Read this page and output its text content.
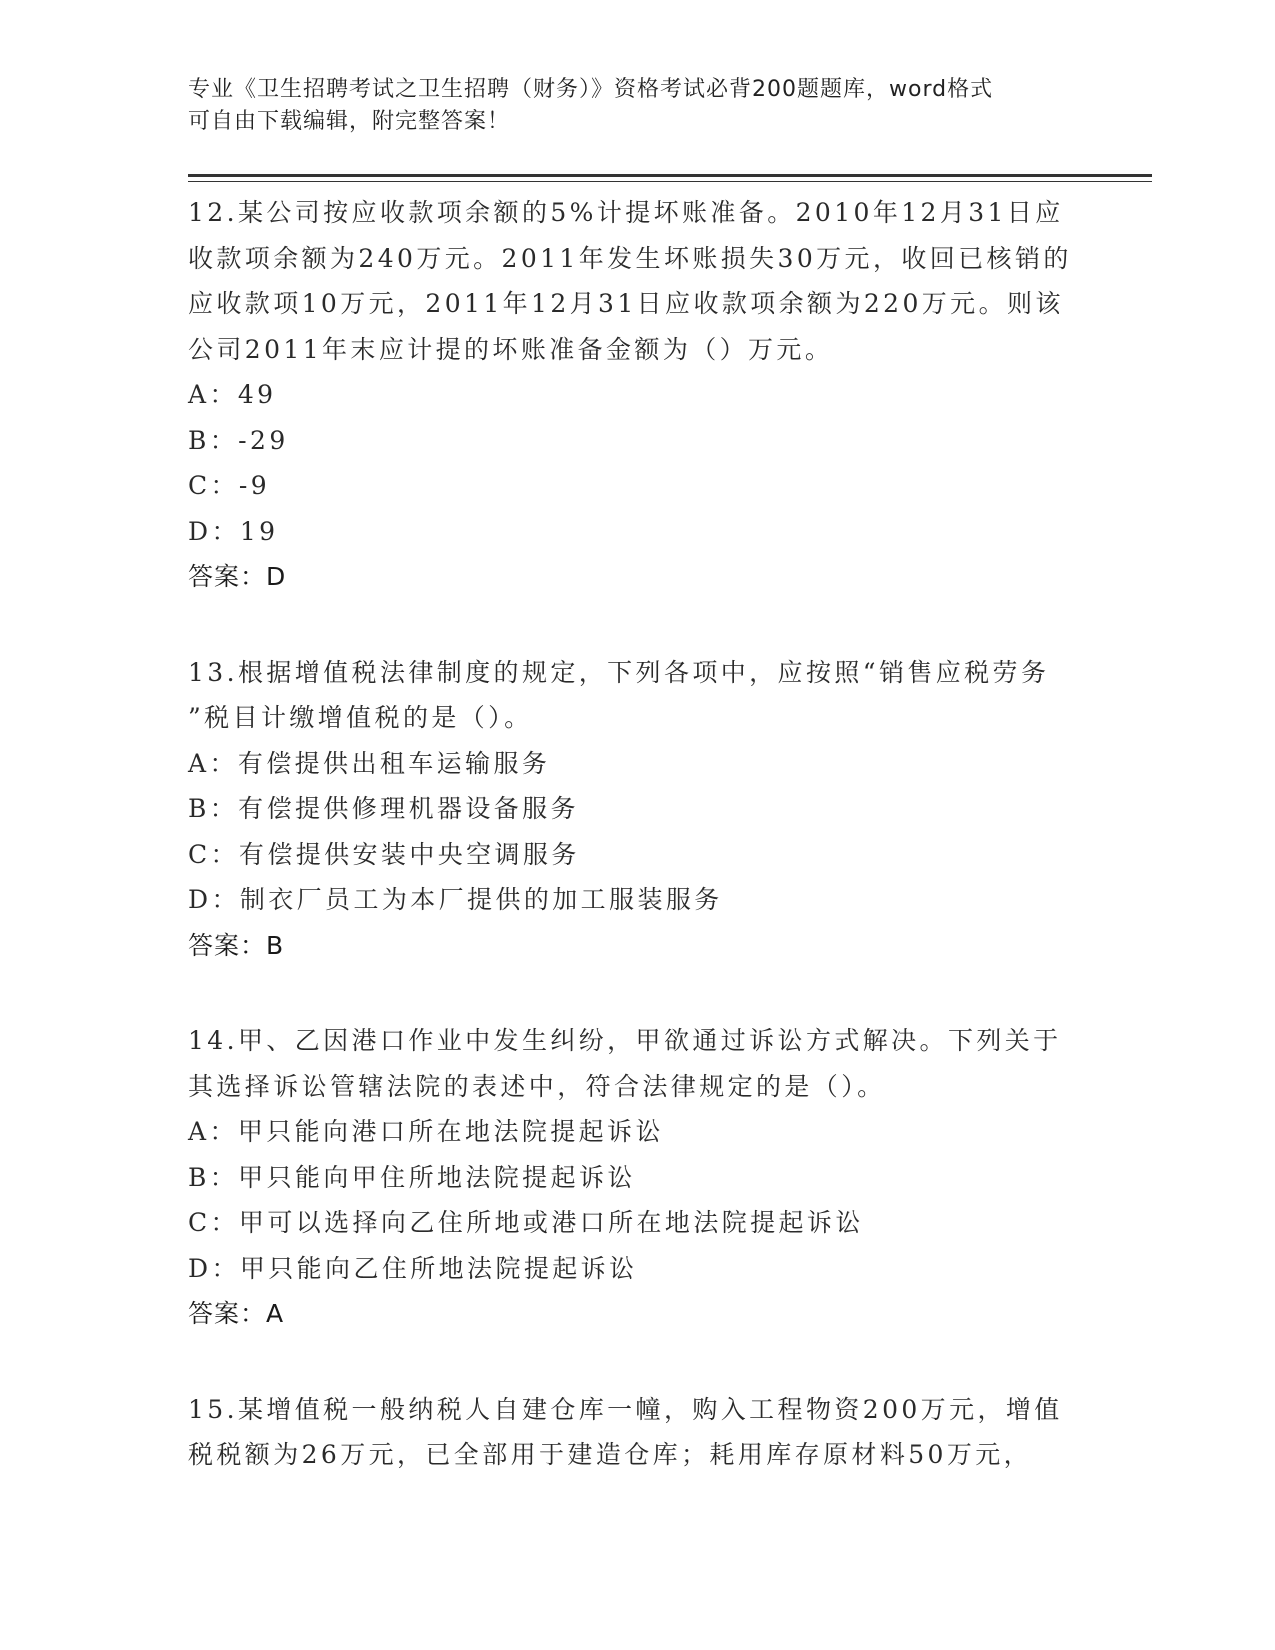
专业《卫生招聘考试之卫生招聘（财务）》资格考试必背200题题库，word格式
可自由下载编辑，附完整答案！
12.某公司按应收款项余额的5%计提坏账准备。2010年12月31日应
收款项余额为240万元。2011年发生坏账损失30万元，收回已核销的
应收款项10万元，2011年12月31日应收款项余额为220万元。则该
公司2011年末应计提的坏账准备金额为（）万元。
A：49
B：-29
C：-9
D：19
答案：D
13.根据增值税法律制度的规定，下列各项中，应按照“销售应税劳务
”税目计缴增值税的是（）。
A：有偿提供出租车运输服务
B：有偿提供修理机器设备服务
C：有偿提供安装中央空调服务
D：制衣厂员工为本厂提供的加工服装服务
答案：B
14.甲、乙因港口作业中发生纠纷，甲欲通过诉讼方式解决。下列关于
其选择诉讼管辖法院的表述中，符合法律规定的是（）。
A：甲只能向港口所在地法院提起诉讼
B：甲只能向甲住所地法院提起诉讼
C：甲可以选择向乙住所地或港口所在地法院提起诉讼
D：甲只能向乙住所地法院提起诉讼
答案：A
15.某增值税一般纳税人自建仓库一幢，购入工程物资200万元，增值
税税额为26万元，已全部用于建造仓库；耗用库存原材料50万元，
